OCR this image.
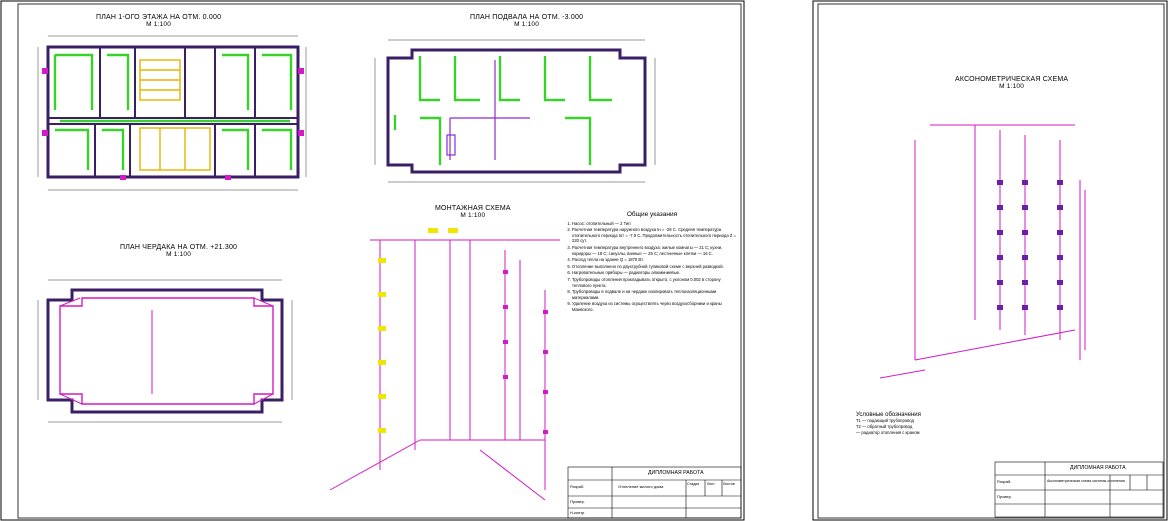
ПЛАН 1-ОГО ЭТАЖА НА ОТМ. 0.000
М 1:100
ПЛАН ПОДВАЛА НА ОТМ. -3.000
М 1:100
ПЛАН ЧЕРДАКА НА ОТМ. +21.300
М 1:100
МОНТАЖНАЯ СХЕМА
М 1:100	Общие указания
1. Насос: отопительный — 2 Тип
2. Расчетная температура наружного воздуха tн = -28 С. Средняя температура отопительного периода tот = -7.9 С. Продолжительность отопительного периода Z = 220 сут.
3. Расчетная температура внутреннего воздуха: жилые комнаты — 21 С; кухни, коридоры — 18 С; санузлы, ванные — 25 С; лестничные клетки — 16 С.
4. Расход тепла на здание Q = 1870 Вт.
5. Отопление выполнено по двухтрубной тупиковой схеме с верхней разводкой.
6. Нагревательные приборы — радиаторы алюминиевые.
7. Трубопроводы отопления прокладывать открыто, с уклоном 0.002 в сторону теплового пункта.
8. Трубопроводы в подвале и на чердаке изолировать теплоизоляционными материалами.
9. Удаление воздуха из системы осуществлять через воздухосборники и краны Маевского.
ДИПЛОМНАЯ РАБОТА
Отопление жилого дома
Разраб.
Провер.
Н.контр.
Стадия Лист Листов
АКСОНОМЕТРИЧЕСКАЯ СХЕМА
М 1:100
Условные обозначения
Т1 — подающий трубопровод
Т2 — обратный трубопровод
— радиатор отопления с краном
ДИПЛОМНАЯ РАБОТА
Аксонометрическая схема системы отопления
Разраб.
Провер.
